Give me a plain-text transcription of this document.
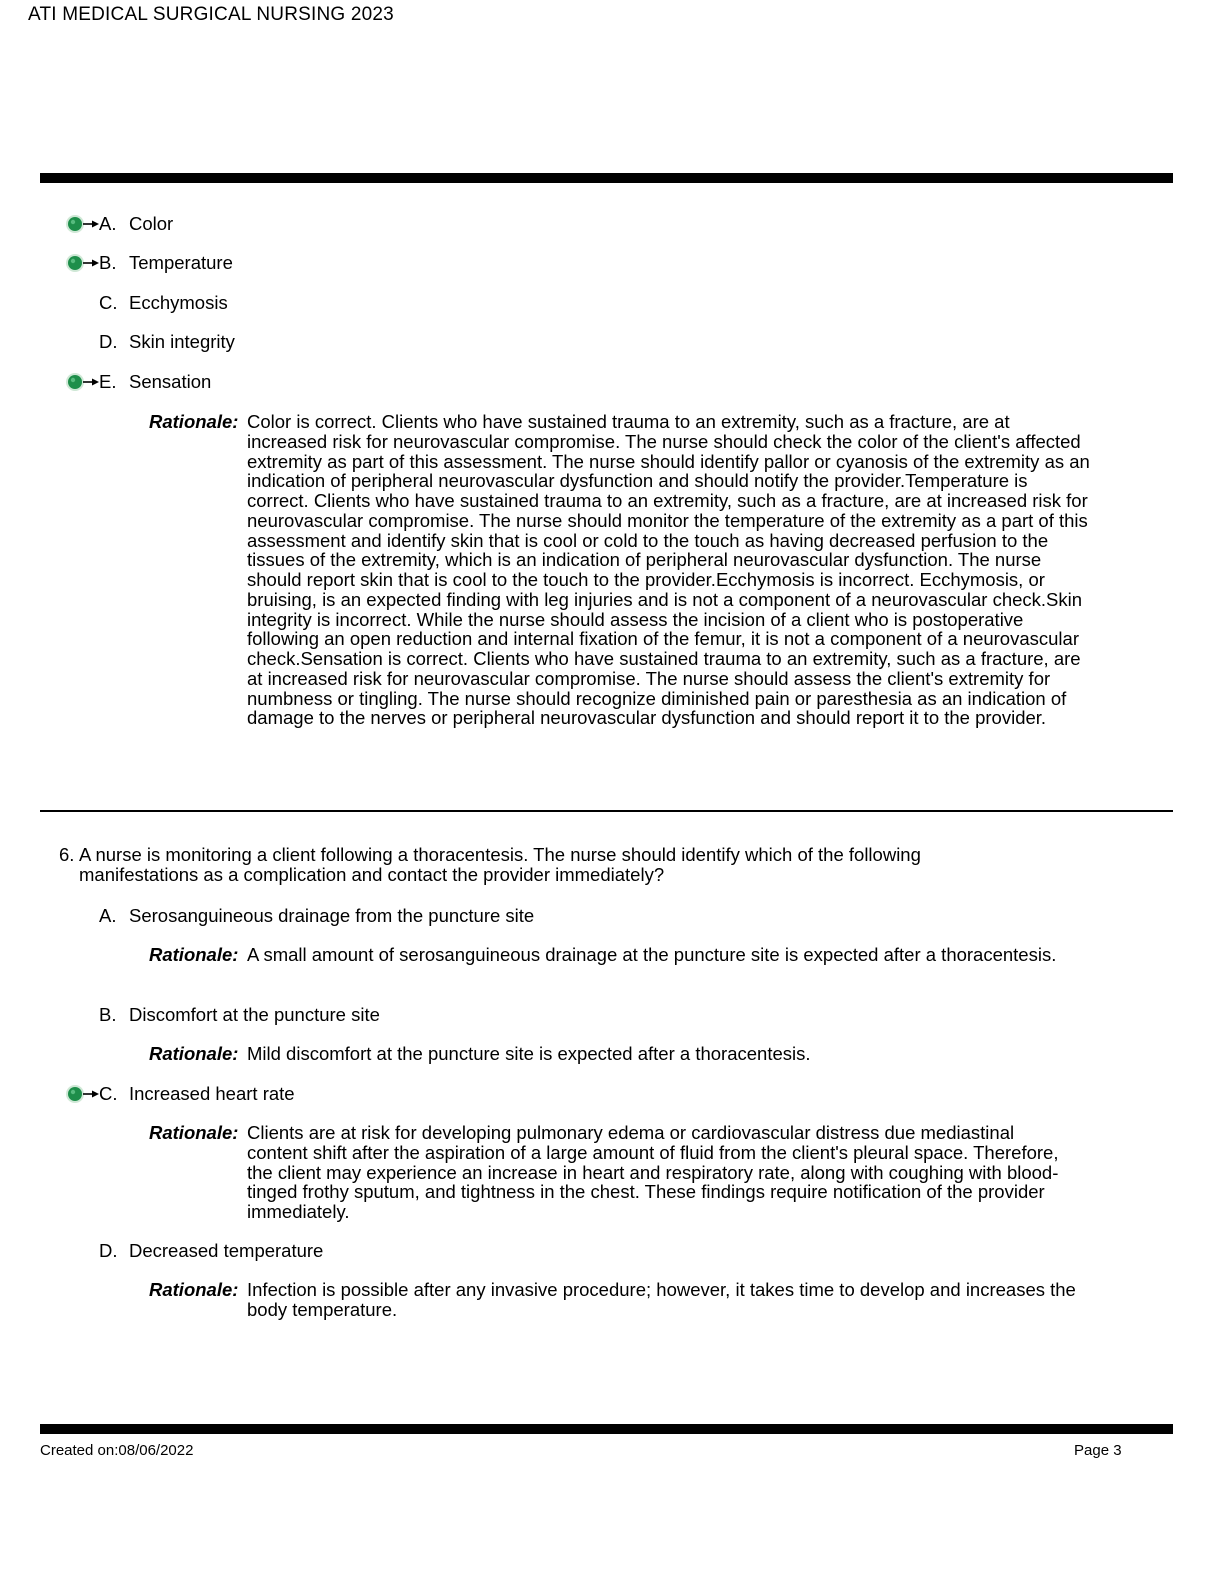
ATI MEDICAL SURGICAL NURSING 2023
A. Color
B. Temperature
C. Ecchymosis
D. Skin integrity
E. Sensation
Rationale: Color is correct. Clients who have sustained trauma to an extremity, such as a fracture, are at increased risk for neurovascular compromise. The nurse should check the color of the client's affected extremity as part of this assessment. The nurse should identify pallor or cyanosis of the extremity as an indication of peripheral neurovascular dysfunction and should notify the provider.Temperature is correct. Clients who have sustained trauma to an extremity, such as a fracture, are at increased risk for neurovascular compromise. The nurse should monitor the temperature of the extremity as a part of this assessment and identify skin that is cool or cold to the touch as having decreased perfusion to the tissues of the extremity, which is an indication of peripheral neurovascular dysfunction. The nurse should report skin that is cool to the touch to the provider.Ecchymosis is incorrect. Ecchymosis, or bruising, is an expected finding with leg injuries and is not a component of a neurovascular check.Skin integrity is incorrect. While the nurse should assess the incision of a client who is postoperative following an open reduction and internal fixation of the femur, it is not a component of a neurovascular check.Sensation is correct. Clients who have sustained trauma to an extremity, such as a fracture, are at increased risk for neurovascular compromise. The nurse should assess the client's extremity for numbness or tingling. The nurse should recognize diminished pain or paresthesia as an indication of damage to the nerves or peripheral neurovascular dysfunction and should report it to the provider.

6. A nurse is monitoring a client following a thoracentesis. The nurse should identify which of the following manifestations as a complication and contact the provider immediately?

A. Serosanguineous drainage from the puncture site
Rationale: A small amount of serosanguineous drainage at the puncture site is expected after a thoracentesis.

B. Discomfort at the puncture site
Rationale: Mild discomfort at the puncture site is expected after a thoracentesis.

C. Increased heart rate
Rationale: Clients are at risk for developing pulmonary edema or cardiovascular distress due mediastinal content shift after the aspiration of a large amount of fluid from the client's pleural space. Therefore, the client may experience an increase in heart and respiratory rate, along with coughing with blood-tinged frothy sputum, and tightness in the chest. These findings require notification of the provider immediately.

D. Decreased temperature
Rationale: Infection is possible after any invasive procedure; however, it takes time to develop and increases the body temperature.

Created on:08/06/2022	Page 3
